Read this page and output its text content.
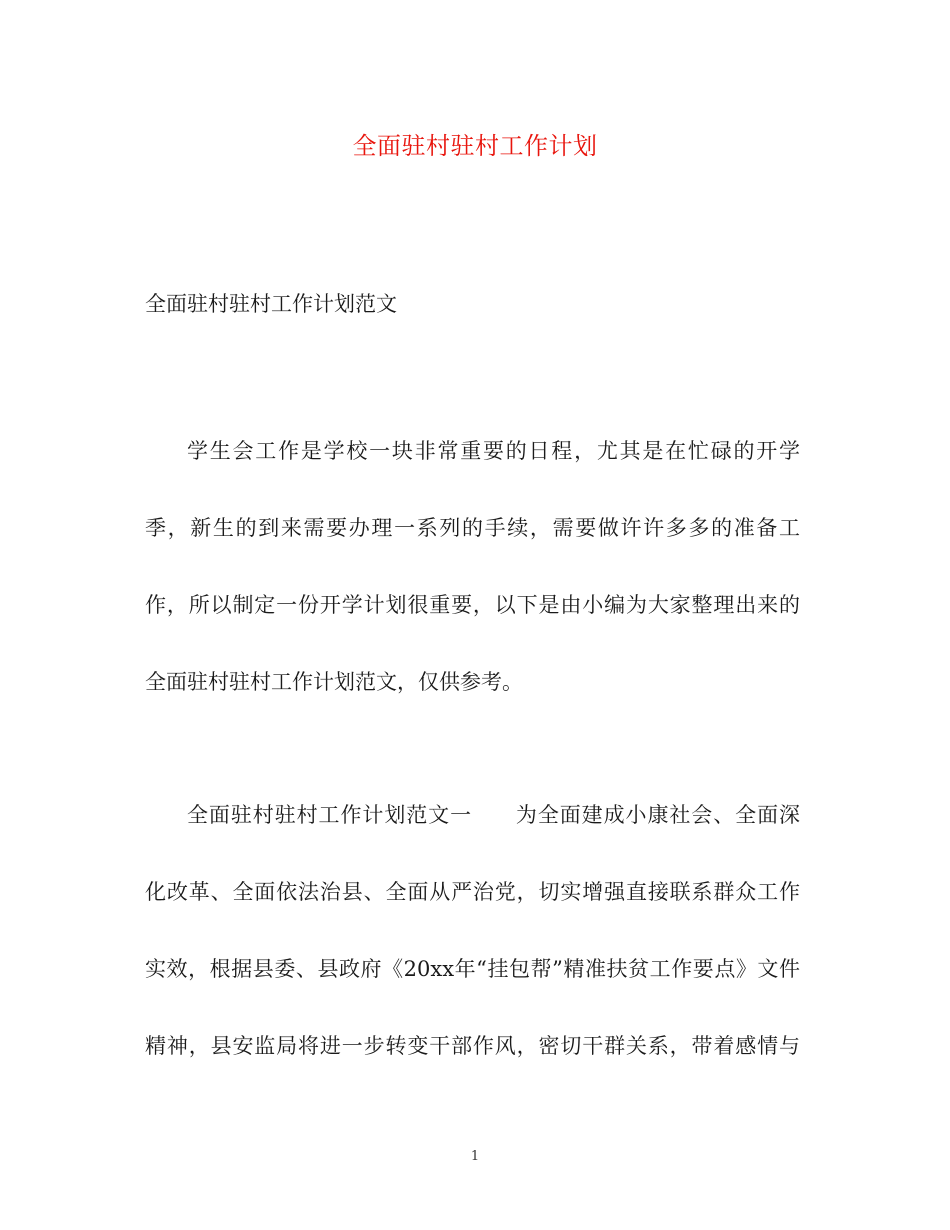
全面驻村驻村工作计划
全面驻村驻村工作计划范文
学生会工作是学校一块非常重要的日程，尤其是在忙碌的开学
季，新生的到来需要办理一系列的手续，需要做许许多多的准备工
作，所以制定一份开学计划很重要，以下是由小编为大家整理出来的
全面驻村驻村工作计划范文，仅供参考。
全面驻村驻村工作计划范文一　　为全面建成小康社会、全面深
化改革、全面依法治县、全面从严治党，切实增强直接联系群众工作
实效，根据县委、县政府《20xx年“挂包帮”精准扶贫工作要点》文件
精神，县安监局将进一步转变干部作风，密切干群关系，带着感情与
1
